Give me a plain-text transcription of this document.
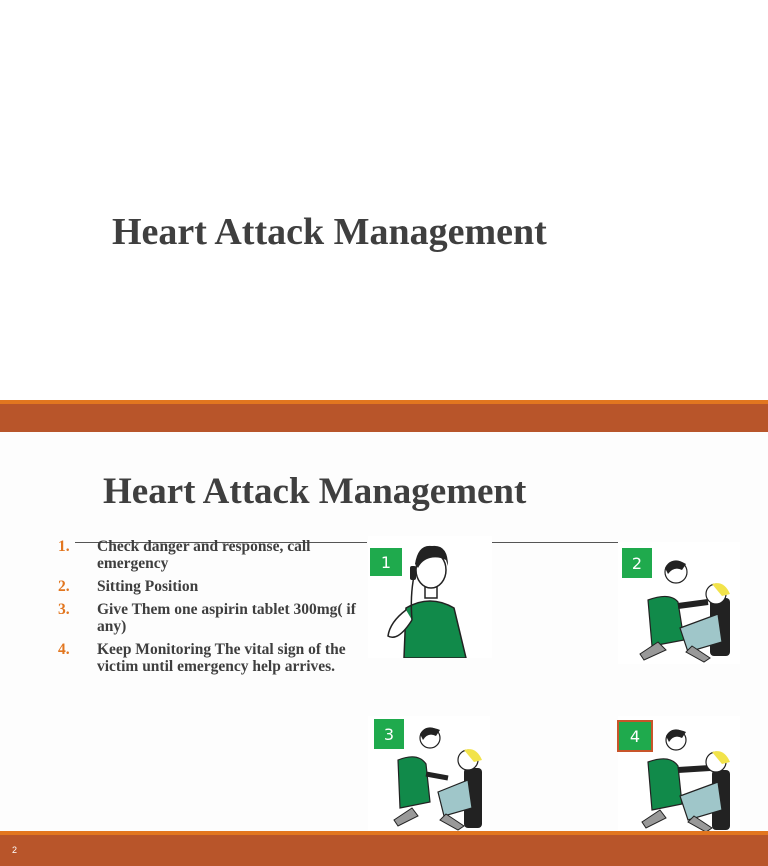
Heart Attack Management
Heart Attack Management
1.	Check danger and response, call emergency
2.	Sitting Position
3.	Give Them one aspirin tablet 300mg( if any)
4.	Keep Monitoring The vital sign of the victim until emergency help arrives.
1	2
3	4
2
